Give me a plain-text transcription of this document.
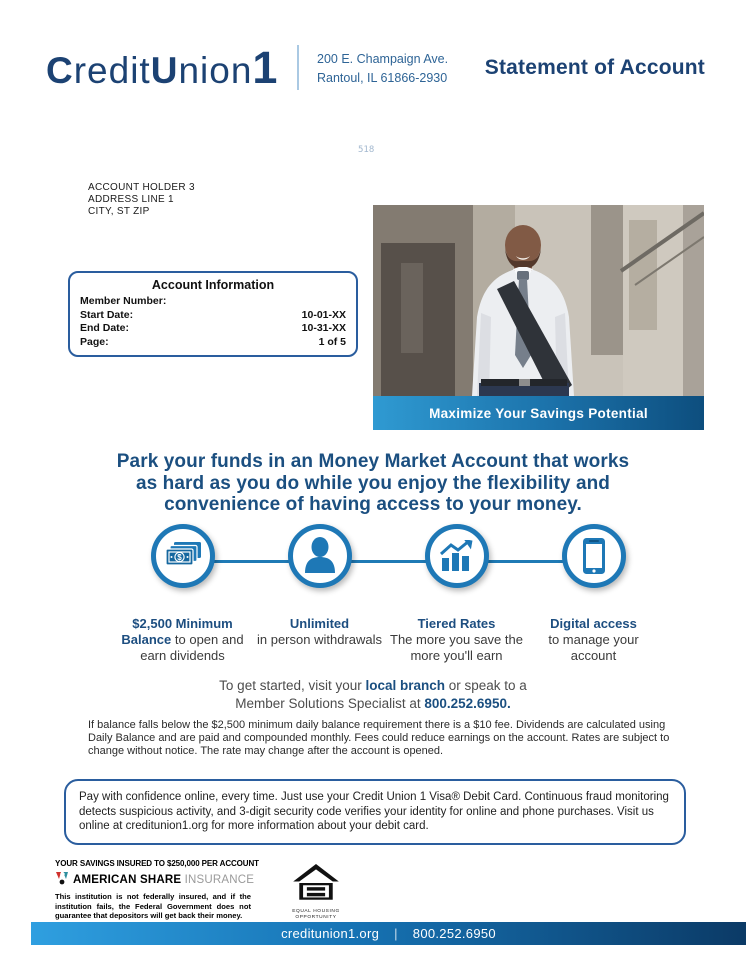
CreditUnion1	200 E. Champaign Ave.
Rantoul, IL 61866-2930 Statement of Account
518
ACCOUNT HOLDER 3
ADDRESS LINE 1
CITY, ST ZIP
Account Information
Member Number:
Start Date:	10-01-XX
End Date:	10-31-XX
Page:	1 of 5
Maximize Your Savings Potential
Park your funds in an Money Market Account that works
as hard as you do while you enjoy the flexibility and
convenience of having access to your money.
$
$2,500 Minimum Balance to open and earn dividends
Unlimited
in person withdrawals
Tiered Rates
The more you save the more you'll earn
Digital access
to manage your account
To get started, visit your local branch or speak to a
Member Solutions Specialist at 800.252.6950.
If balance falls below the $2,500 minimum daily balance requirement there is a $10 fee. Dividends are calculated using Daily Balance and are paid and compounded monthly. Fees could reduce earnings on the account. Rates are subject to change without notice. The rate may change after the account is opened.
Pay with confidence online, every time. Just use your Credit Union 1 Visa® Debit Card. Continuous fraud monitoring detects suspicious activity, and 3-digit security code verifies your identity for online and phone purchases. Visit us online at creditunion1.org for more information about your debit card.
YOUR SAVINGS INSURED TO $250,000 PER ACCOUNT
AMERICAN SHARE INSURANCE
This institution is not federally insured, and if the institution fails, the Federal Government does not guarantee that depositors will get back their money.	EQUAL HOUSING
OPPORTUNITY
creditunion1.org | 800.252.6950
